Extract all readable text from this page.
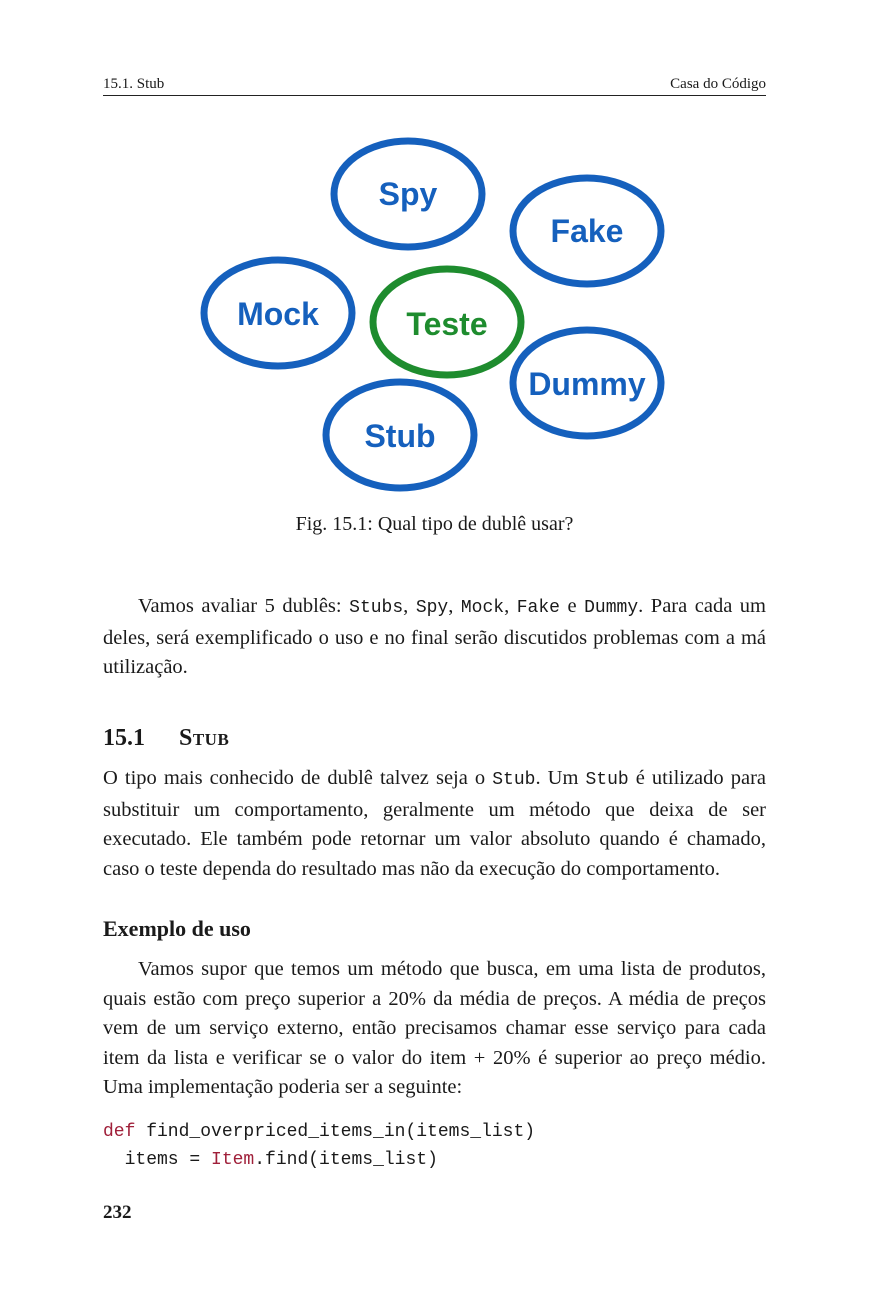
15.1. Stub	Casa do Código
Spy
Fake
Mock	Teste
Dummy
Stub
Fig. 15.1: Qual tipo de dublê usar?

Vamos avaliar 5 dublês: Stubs, Spy, Mock, Fake e Dummy. Para cada um deles, será exemplificado o uso e no final serão discutidos problemas com a má utilização.

15.1 Stub

O tipo mais conhecido de dublê talvez seja o Stub. Um Stub é utilizado para substituir um comportamento, geralmente um método que deixa de ser executado. Ele também pode retornar um valor absoluto quando é chamado, caso o teste dependa do resultado mas não da execução do comportamento.

Exemplo de uso

Vamos supor que temos um método que busca, em uma lista de produtos, quais estão com preço superior a 20% da média de preços. A média de preços vem de um serviço externo, então precisamos chamar esse serviço para cada item da lista e verificar se o valor do item + 20% é superior ao preço médio. Uma implementação poderia ser a seguinte:

def find_overpriced_items_in(items_list)
items = Item.find(items_list)
232
